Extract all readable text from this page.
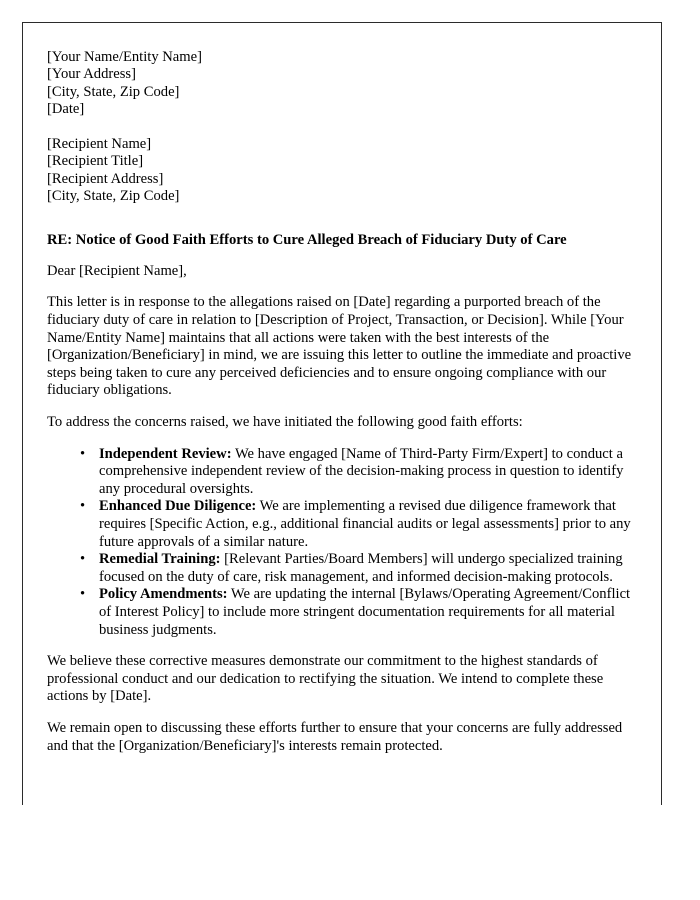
[Your Name/Entity Name]
[Your Address]
[City, State, Zip Code]
[Date]
[Recipient Name]
[Recipient Title]
[Recipient Address]
[City, State, Zip Code]
RE: Notice of Good Faith Efforts to Cure Alleged Breach of Fiduciary Duty of Care
Dear [Recipient Name],

This letter is in response to the allegations raised on [Date] regarding a purported breach of the fiduciary duty of care in relation to [Description of Project, Transaction, or Decision]. While [Your Name/Entity Name] maintains that all actions were taken with the best interests of the [Organization/Beneficiary] in mind, we are issuing this letter to outline the immediate and proactive steps being taken to cure any perceived deficiencies and to ensure ongoing compliance with our fiduciary obligations.

To address the concerns raised, we have initiated the following good faith efforts:

• Independent Review: We have engaged [Name of Third-Party Firm/Expert] to conduct a comprehensive independent review of the decision-making process in question to identify any procedural oversights.
• Enhanced Due Diligence: We are implementing a revised due diligence framework that requires [Specific Action, e.g., additional financial audits or legal assessments] prior to any future approvals of a similar nature.
• Remedial Training: [Relevant Parties/Board Members] will undergo specialized training focused on the duty of care, risk management, and informed decision-making protocols.
• Policy Amendments: We are updating the internal [Bylaws/Operating Agreement/Conflict of Interest Policy] to include more stringent documentation requirements for all material business judgments.

We believe these corrective measures demonstrate our commitment to the highest standards of professional conduct and our dedication to rectifying the situation. We intend to complete these actions by [Date].

We remain open to discussing these efforts further to ensure that your concerns are fully addressed and that the [Organization/Beneficiary]'s interests remain protected.
